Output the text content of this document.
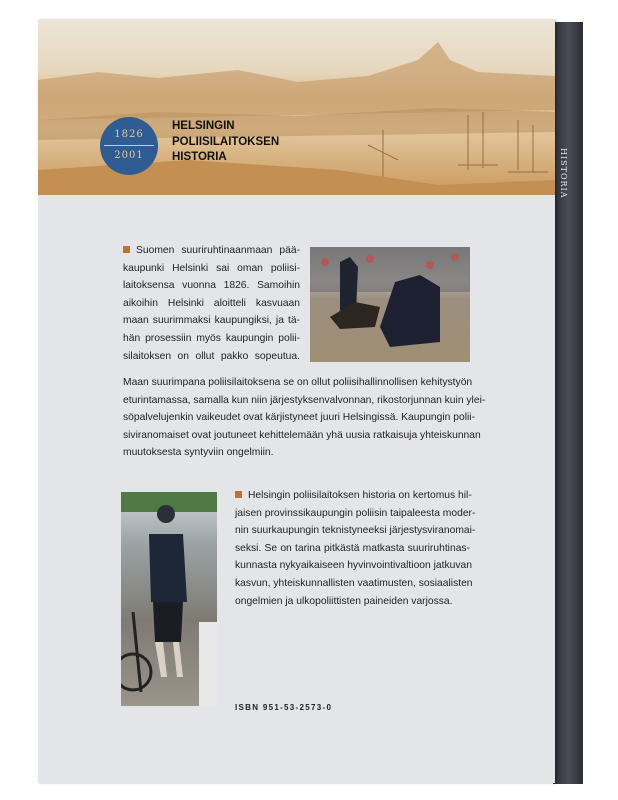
HISTORIA
1826
2001
HELSINGIN
POLIISILAITOKSEN
HISTORIA
Suomen suuriruhtinaanmaan pää-
kaupunki Helsinki sai oman poliisi-
laitoksensa vuonna 1826. Samoihin
aikoihin Helsinki aloitteli kasvuaan
maan suurimmaksi kaupungiksi, ja tä-
hän prosessiin myös kaupungin polii-
silaitoksen on ollut pakko sopeutua.
Maan suurimpana poliisilaitoksena se on ollut poliisihallinnollisen kehitystyön
eturintamassa, samalla kun niin järjestyksenvalvonnan, rikostorjunnan kuin ylei-
söpalvelujenkin vaikeudet ovat kärjistyneet juuri Helsingissä. Kaupungin polii-
siviranomaiset ovat joutuneet kehittelemään yhä uusia ratkaisuja yhteiskunnan
muutoksesta syntyviin ongelmiin.
Helsingin poliisilaitoksen historia on kertomus hil-
jaisen provinssikaupungin poliisin taipaleesta moder-
nin suurkaupungin teknistyneeksi järjestysviranomai-
seksi. Se on tarina pitkästä matkasta suuriruhtinas-
kunnasta nykyaikaiseen hyvinvointivaltioon jatkuvan
kasvun, yhteiskunnallisten vaatimusten, sosiaalisten
ongelmien ja ulkopoliittisten paineiden varjossa.
ISBN 951-53-2573-0
